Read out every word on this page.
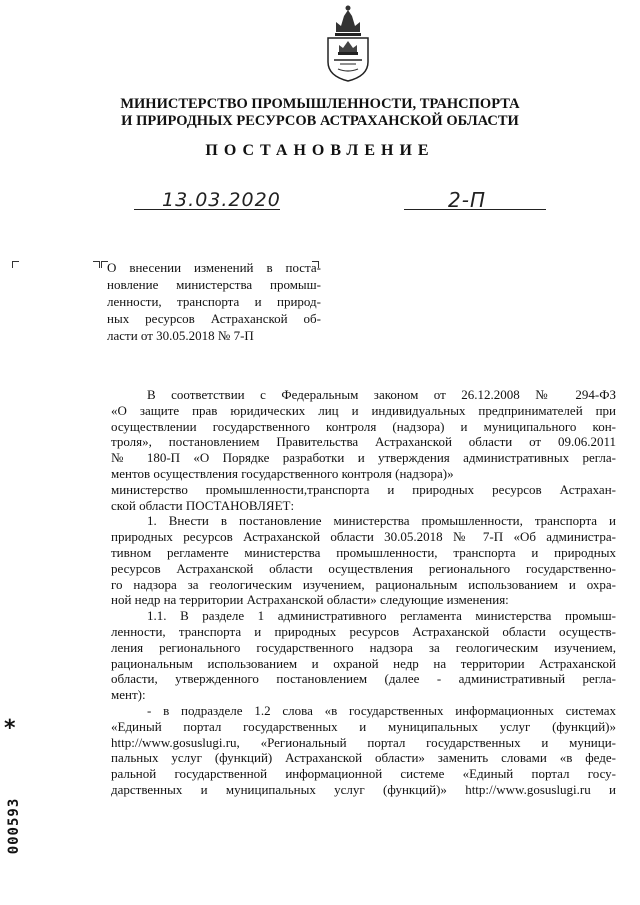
МИНИСТЕРСТВО ПРОМЫШЛЕННОСТИ, ТРАНСПОРТА
И ПРИРОДНЫХ РЕСУРСОВ АСТРАХАНСКОЙ ОБЛАСТИ
ПОСТАНОВЛЕНИЕ
13.03.2020	2-П
О внесении изменений в поста-
новление министерства промыш-
ленности, транспорта и природ-
ных ресурсов Астраханской об-
ласти от 30.05.2018 № 7-П
В соответствии с Федеральным законом от 26.12.2008 № 294-ФЗ
«О защите прав юридических лиц и индивидуальных предпринимателей при
осуществлении государственного контроля (надзора) и муниципального кон-
троля», постановлением Правительства Астраханской области от 09.06.2011
№ 180-П «О Порядке разработки и утверждения административных регла-
ментов осуществления государственного контроля (надзора)»
министерство промышленности,транспорта и природных ресурсов Астрахан-
ской области ПОСТАНОВЛЯЕТ:
1. Внести в постановление министерства промышленности, транспорта и
природных ресурсов Астраханской области 30.05.2018 № 7-П «Об администра-
тивном регламенте министерства промышленности, транспорта и природных
ресурсов Астраханской области осуществления регионального государственно-
го надзора за геологическим изучением, рациональным использованием и охра-
ной недр на территории Астраханской области» следующие изменения:
1.1. В разделе 1 административного регламента министерства промыш-
ленности, транспорта и природных ресурсов Астраханской области осуществ-
ления регионального государственного надзора за геологическим изучением,
рациональным использованием и охраной недр на территории Астраханской
области, утвержденного постановлением (далее - административный регла-
мент):
- в подразделе 1.2 слова «в государственных информационных системах
«Единый портал государственных и муниципальных услуг (функций)»
http://www.gosuslugi.ru, «Региональный портал государственных и муници-
пальных услуг (функций) Астраханской области» заменить словами «в феде-
ральной государственной информационной системе «Единый портал госу-
дарственных и муниципальных услуг (функций)» http://www.gosuslugi.ru и
*
000593
